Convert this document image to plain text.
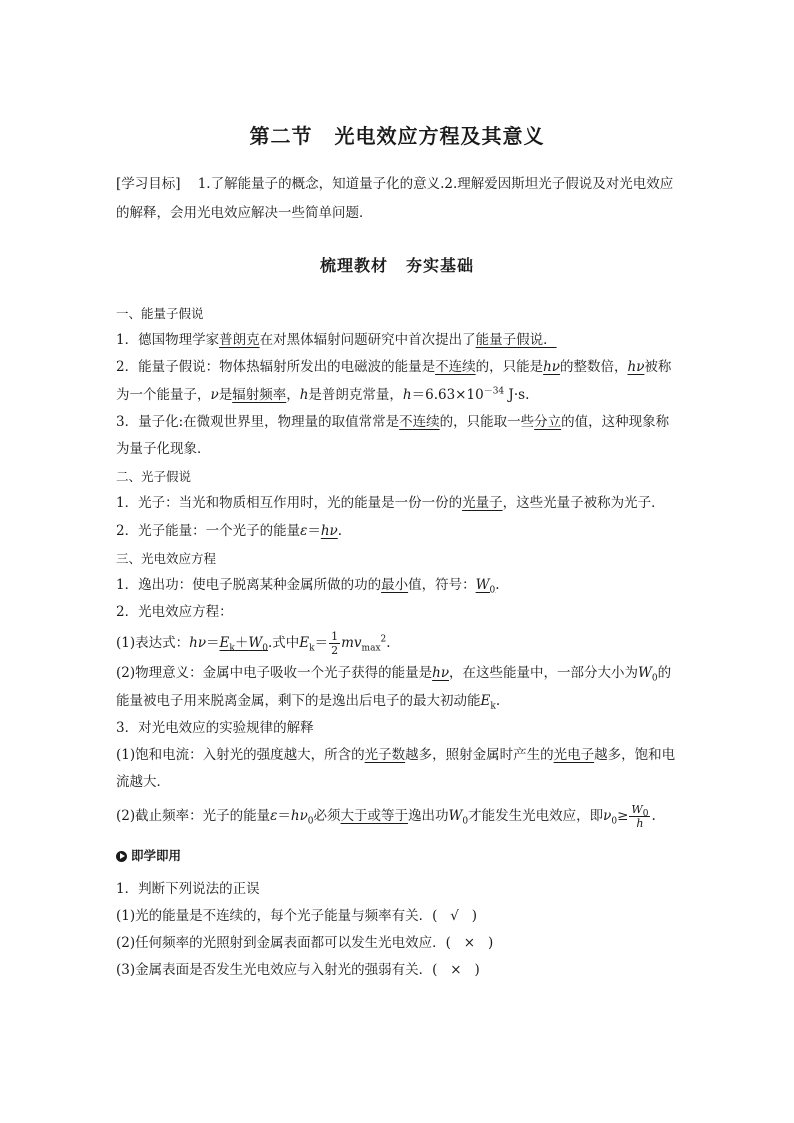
第二节 光电效应方程及其意义
[学习目标] 1.了解能量子的概念，知道量子化的意义.2.理解爱因斯坦光子假说及对光电效应的解释，会用光电效应解决一些简单问题．
梳理教材 夯实基础

一、能量子假说

1．德国物理学家普朗克在对黑体辐射问题研究中首次提出了能量子假说．

2．能量子假说：物体热辐射所发出的电磁波的能量是不连续的，只能是hν的整数倍，hν被称为一个能量子，ν是辐射频率，h是普朗克常量，$h=6.63\times 10^{-34}$ J·s.

3．量子化:在微观世界里，物理量的取值常常是不连续的，只能取一些分立的值，这种现象称为量子化现象．

二、光子假说

1．光子：当光和物质相互作用时，光的能量是一份一份的光量子，这些光量子被称为光子．

2．光子能量：一个光子的能量ε＝hν.

三、光电效应方程

1．逸出功：使电子脱离某种金属所做的功的最小值，符号：$W_0$.

2．光电效应方程：

(1)表达式：$h\nu=E_k+W_0$.式中$E_k= \frac{1}{2} mv_{max}^2$.

(2)物理意义：金属中电子吸收一个光子获得的能量是hν，在这些能量中，一部分大小为$W_0$的能量被电子用来脱离金属，剩下的是逸出后电子的最大初动能$E_k$.

3．对光电效应的实验规律的解释

(1)饱和电流：入射光的强度越大，所含的光子数越多，照射金属时产生的光电子越多，饱和电流越大．

(2)截止频率：光子的能量$\varepsilon=h\nu_0$必须大于或等于逸出功$W_0$才能发生光电效应，即$\nu_0\ge \frac{W_0}{h}$ .

即学即用

1．判断下列说法的正误

(1)光的能量是不连续的，每个光子能量与频率有关．( √ )

(2)任何频率的光照射到金属表面都可以发生光电效应．( × )

(3)金属表面是否发生光电效应与入射光的强弱有关．( × )
